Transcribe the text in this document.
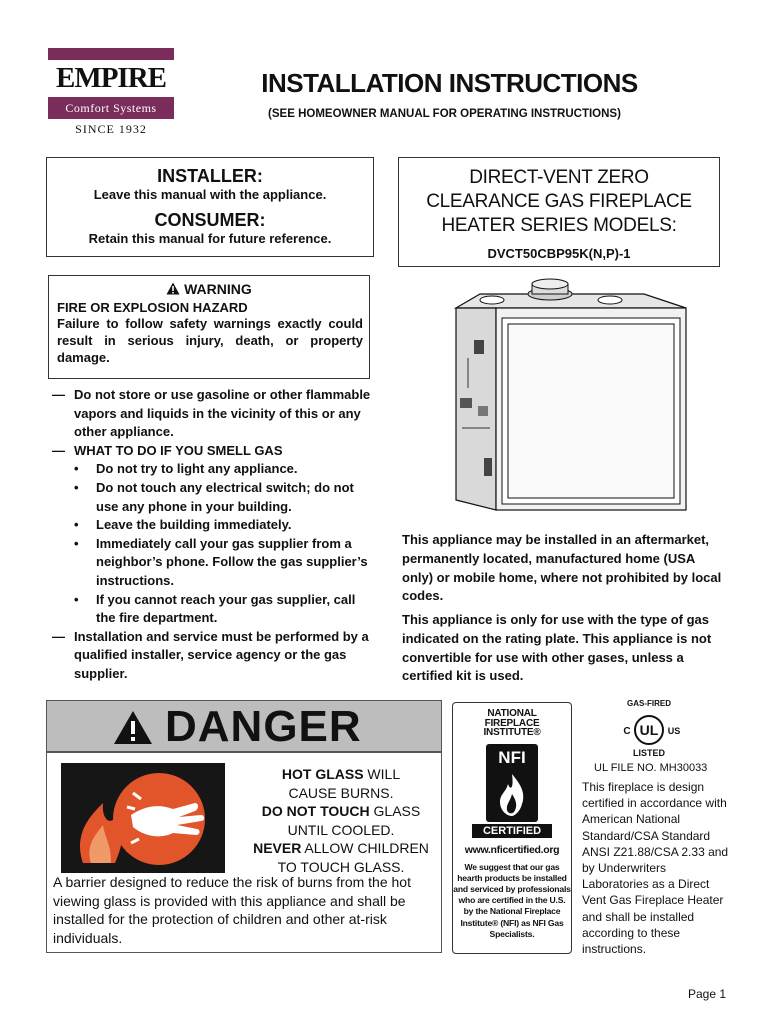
EMPIRE
Comfort Systems
SINCE 1932
INSTALLATION INSTRUCTIONS
(SEE HOMEOWNER MANUAL FOR OPERATING INSTRUCTIONS)
INSTALLER:
Leave this manual with the appliance.
CONSUMER:
Retain this manual for future reference.
DIRECT-VENT ZERO
CLEARANCE GAS FIREPLACE
HEATER SERIES MODELS:
DVCT50CBP95K(N,P)-1
WARNING
FIRE OR EXPLOSION HAZARD
Failure to follow safety warnings exactly could result in serious injury, death, or property damage.
— Do not store or use gasoline or other flammable vapors and liquids in the vicinity of this or any other appliance.
— WHAT TO DO IF YOU SMELL GAS
• Do not try to light any appliance.
• Do not touch any electrical switch; do not use any phone in your building.
• Leave the building immediately.
• Immediately call your gas supplier from a neighbor’s phone. Follow the gas supplier’s instructions.
• If you cannot reach your gas supplier, call the fire department.
— Installation and service must be performed by a qualified installer, service agency or the gas supplier.
This appliance may be installed in an aftermarket, permanently located, manufactured home (USA only) or mobile home, where not prohibited by local codes.
This appliance is only for use with the type of gas indicated on the rating plate. This appliance is not convertible for use with other gases, unless a certified kit is used.
DANGER
HOT GLASS WILL
CAUSE BURNS.
DO NOT TOUCH GLASS
UNTIL COOLED.
NEVER ALLOW CHILDREN
TO TOUCH GLASS.
A barrier designed to reduce the risk of burns from the hot viewing glass is provided with this appliance and shall be installed for the protection of children and other at-risk individuals.
NATIONAL
FIREPLACE
INSTITUTE®
NFI
CERTIFIED
www.nficertified.org
We suggest that our gas hearth products be installed and serviced by professionals who are certified in the U.S. by the National Fireplace Institute® (NFI) as NFI Gas Specialists.
GAS-FIRED
UL
C	US
LISTED
UL FILE NO. MH30033
This fireplace is design certified in accordance with American National Standard/CSA Standard ANSI Z21.88/CSA 2.33 and by Underwriters Laboratories as a Direct Vent Gas Fireplace Heater and shall be installed according to these instructions.
Page 1
